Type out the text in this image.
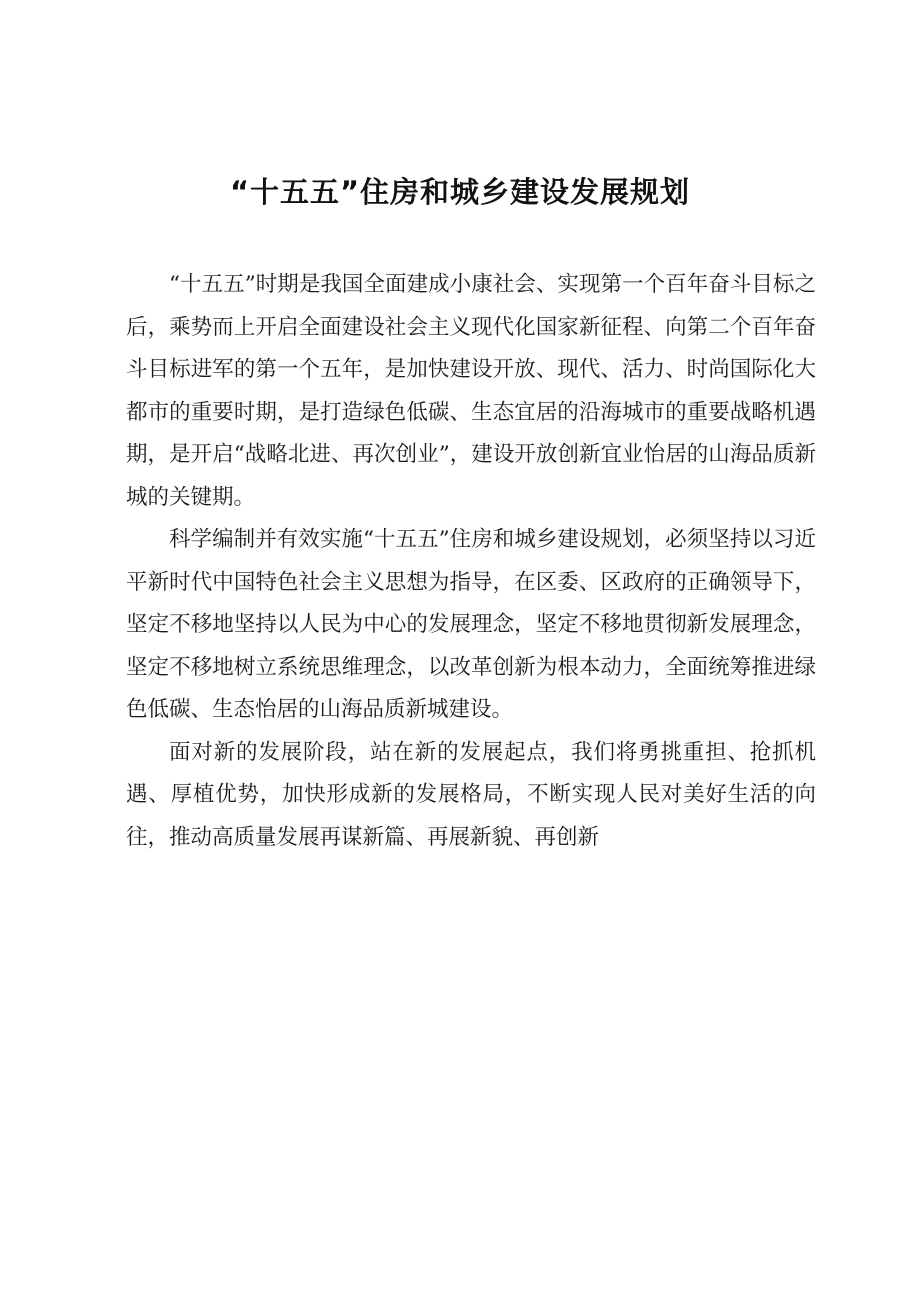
“十五五”住房和城乡建设发展规划

“十五五”时期是我国全面建成小康社会、实现第一个百年奋斗目标之后，乘势而上开启全面建设社会主义现代化国家新征程、向第二个百年奋斗目标进军的第一个五年，是加快建设开放、现代、活力、时尚国际化大都市的重要时期，是打造绿色低碳、生态宜居的沿海城市的重要战略机遇期，是开启“战略北进、再次创业”，建设开放创新宜业怡居的山海品质新城的关键期。

科学编制并有效实施“十五五”住房和城乡建设规划，必须坚持以习近平新时代中国特色社会主义思想为指导，在区委、区政府的正确领导下，坚定不移地坚持以人民为中心的发展理念，坚定不移地贯彻新发展理念，坚定不移地树立系统思维理念，以改革创新为根本动力，全面统筹推进绿色低碳、生态怡居的山海品质新城建设。

面对新的发展阶段，站在新的发展起点，我们将勇挑重担、抢抓机遇、厚植优势，加快形成新的发展格局，不断实现人民对美好生活的向往，推动高质量发展再谋新篇、再展新貌、再创新
